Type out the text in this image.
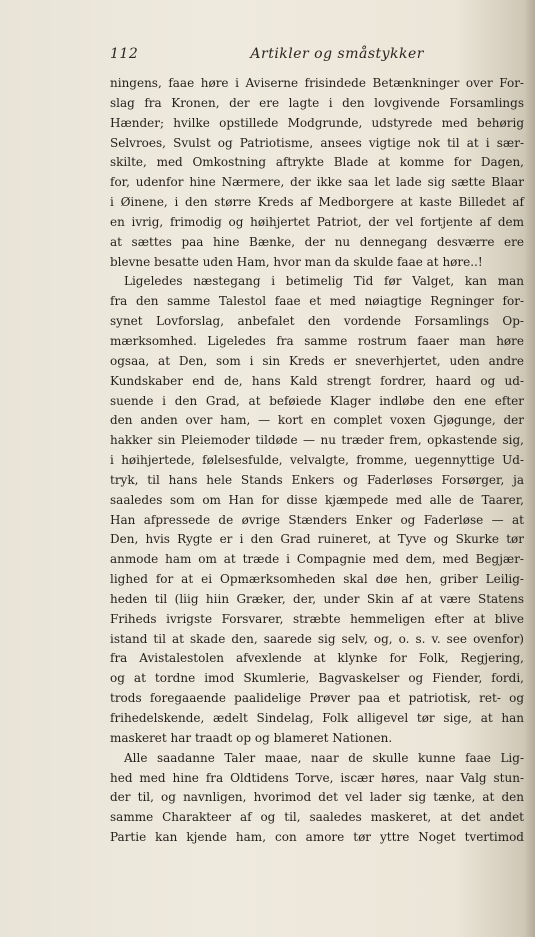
112	Artikler og småstykker
ningens, faae høre i Aviserne frisindede Betænkninger over For-
slag fra Kronen, der ere lagte i den lovgivende Forsamlings
Hænder; hvilke opstillede Modgrunde, udstyrede med behørig
Selvroes, Svulst og Patriotisme, ansees vigtige nok til at i sær-
skilte, med Omkostning aftrykte Blade at komme for Dagen,
for, udenfor hine Nærmere, der ikke saa let lade sig sætte Blaar
i Øinene, i den større Kreds af Medborgere at kaste Billedet af
en ivrig, frimodig og høihjertet Patriot, der vel fortjente af dem
at sættes paa hine Bænke, der nu dennegang desværre ere
blevne besatte uden Ham, hvor man da skulde faae at høre..!
Ligeledes næstegang i betimelig Tid før Valget, kan man
fra den samme Talestol faae et med nøiagtige Regninger for-
synet Lovforslag, anbefalet den vordende Forsamlings Op-
mærksomhed. Ligeledes fra samme rostrum faaer man høre
ogsaa, at Den, som i sin Kreds er sneverhjertet, uden andre
Kundskaber end de, hans Kald strengt fordrer, haard og ud-
suende i den Grad, at beføiede Klager indløbe den ene efter
den anden over ham, — kort en complet voxen Gjøgunge, der
hakker sin Pleiemoder tildøde — nu træder frem, opkastende sig,
i høihjertede, følelsesfulde, velvalgte, fromme, uegennyttige Ud-
tryk, til hans hele Stands Enkers og Faderløses Forsørger, ja
saaledes som om Han for disse kjæmpede med alle de Taarer,
Han afpressede de øvrige Stænders Enker og Faderløse — at
Den, hvis Rygte er i den Grad ruineret, at Tyve og Skurke tør
anmode ham om at træde i Compagnie med dem, med Begjær-
lighed for at ei Opmærksomheden skal døe hen, griber Leilig-
heden til (liig hiin Græker, der, under Skin af at være Statens
Friheds ivrigste Forsvarer, stræbte hemmeligen efter at blive
istand til at skade den, saarede sig selv, og, o. s. v. see ovenfor)
fra Avistalestolen afvexlende at klynke for Folk, Regjering,
og at tordne imod Skumlerie, Bagvaskelser og Fiender, fordi,
trods foregaaende paalidelige Prøver paa et patriotisk, ret- og
frihedelskende, ædelt Sindelag, Folk alligevel tør sige, at han
maskeret har traadt op og blameret Nationen.
Alle saadanne Taler maae, naar de skulle kunne faae Lig-
hed med hine fra Oldtidens Torve, iscær høres, naar Valg stun-
der til, og navnligen, hvorimod det vel lader sig tænke, at den
samme Charakteer af og til, saaledes maskeret, at det andet
Partie kan kjende ham, con amore tør yttre Noget tvertimod
